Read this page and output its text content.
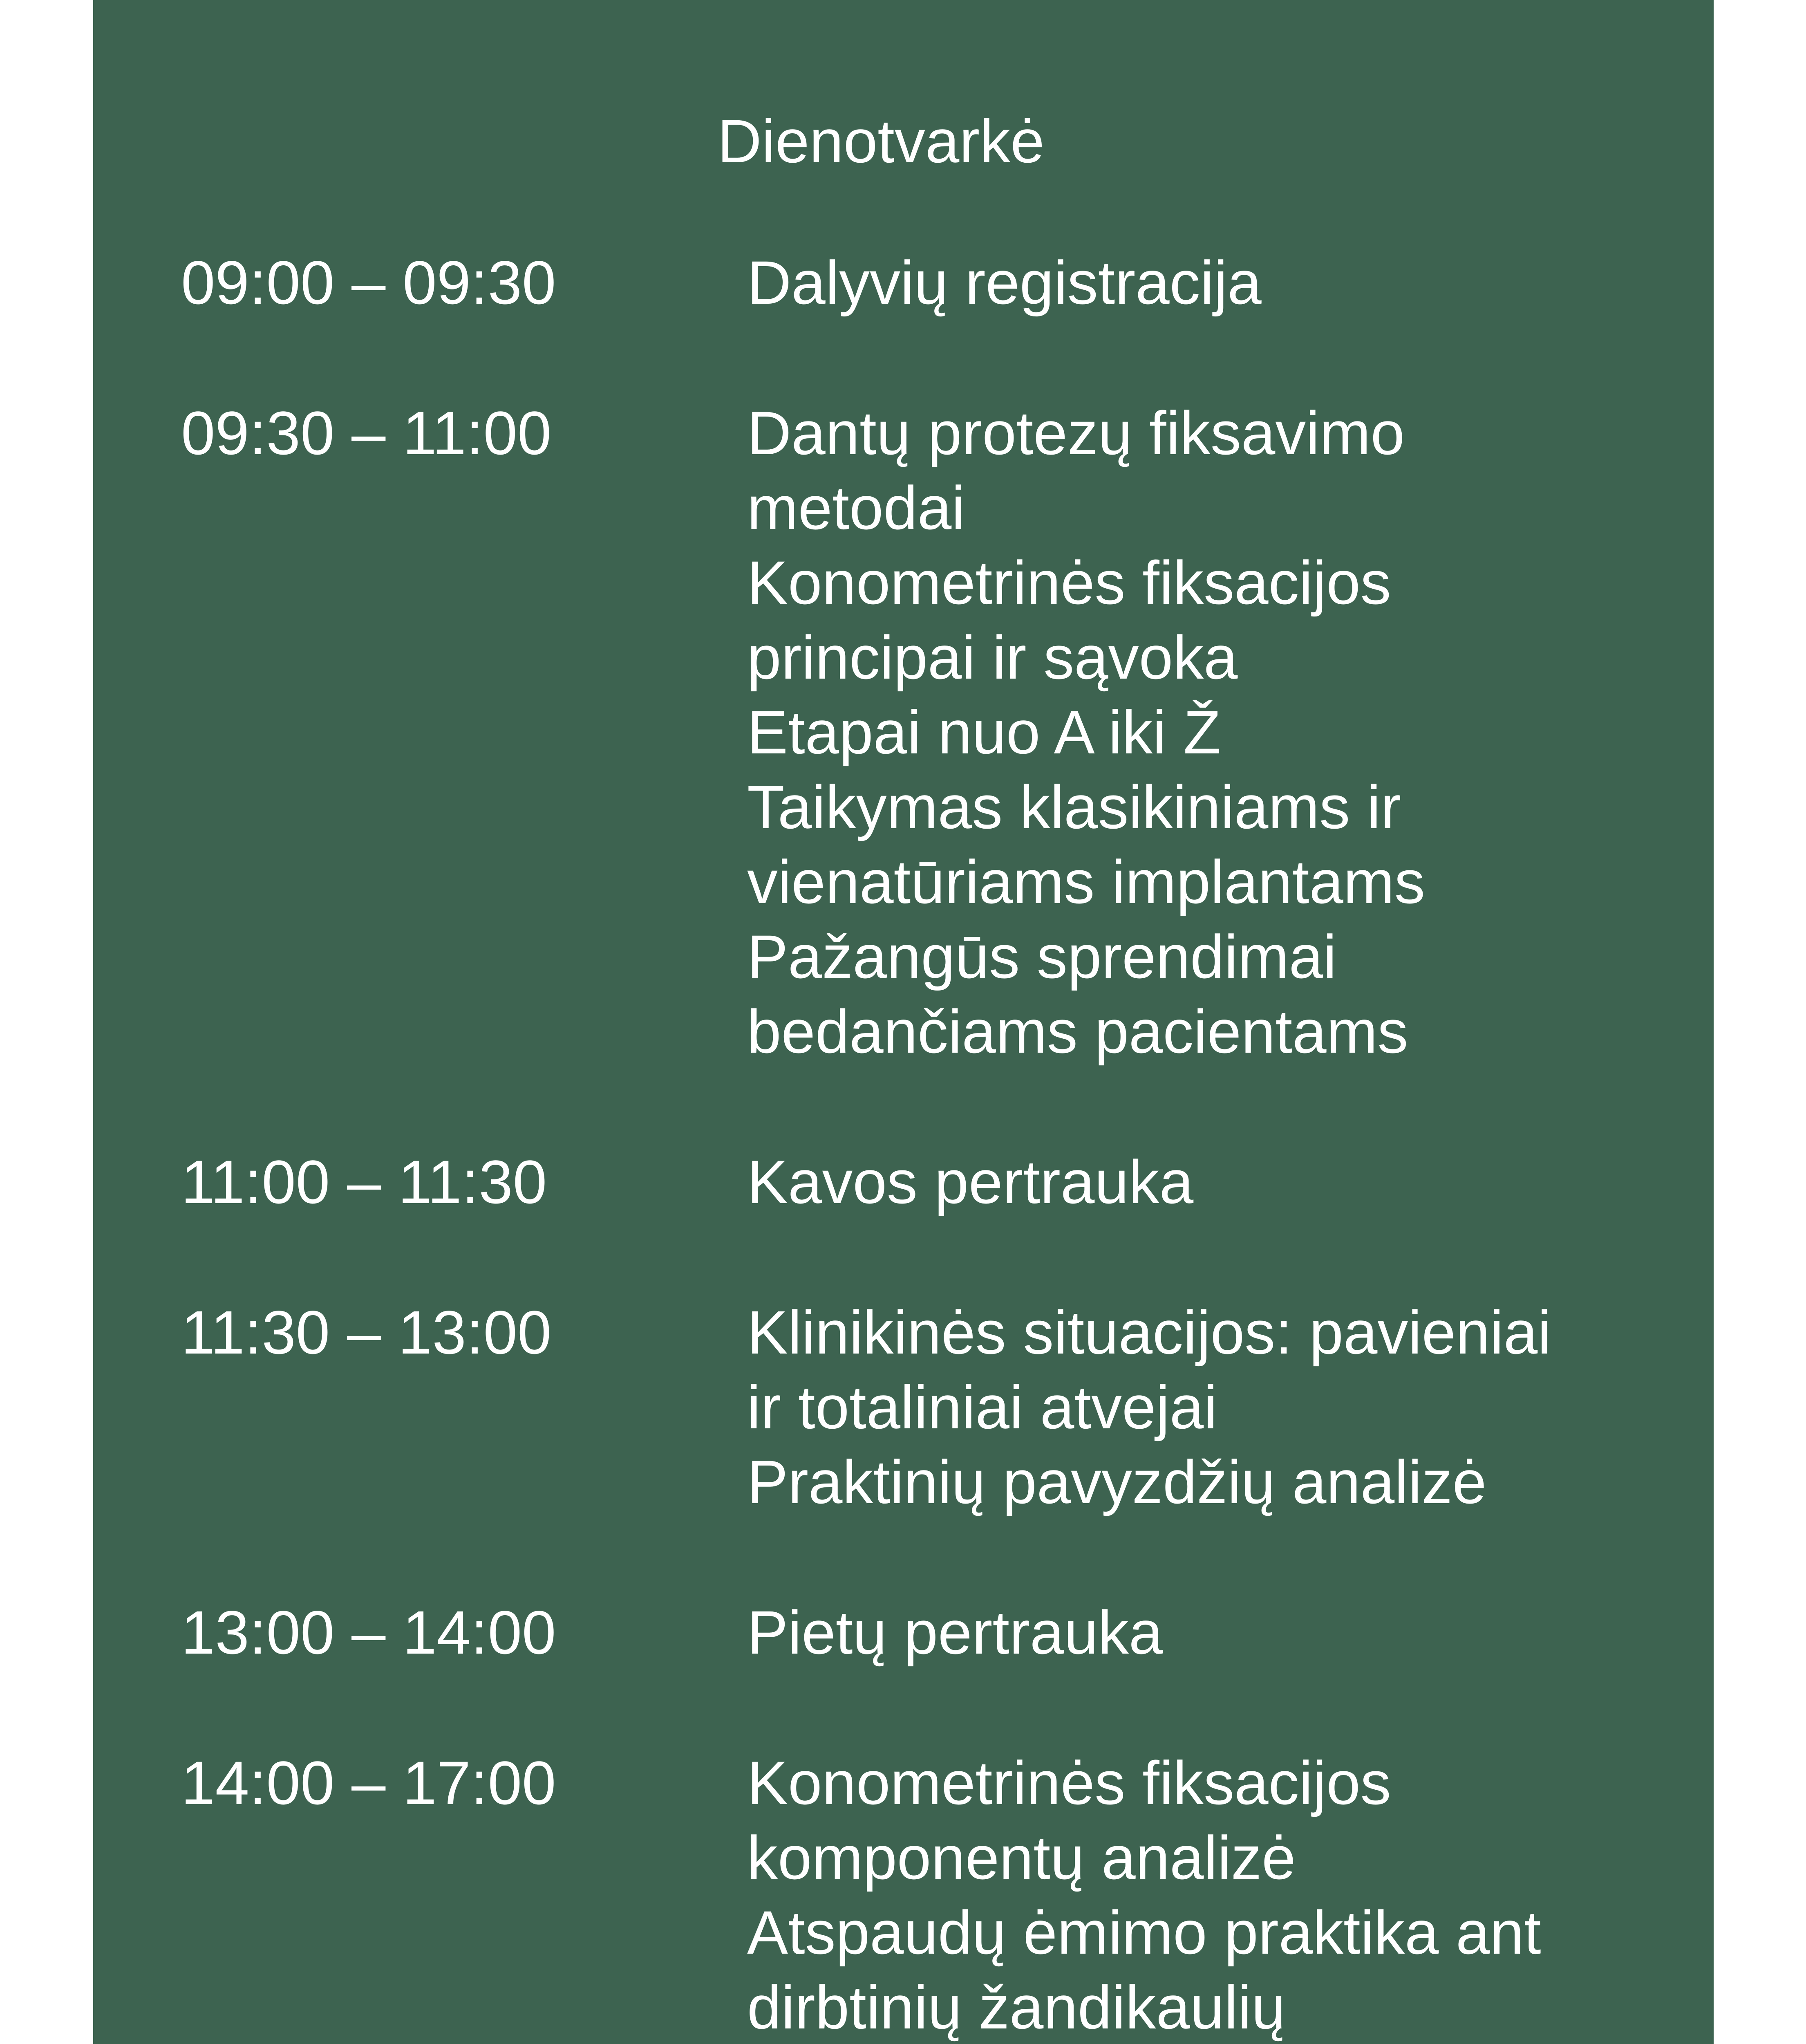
Dienotvarkė
09:00 – 09:30	Dalyvių registracija
09:30 – 11:00	Dantų protezų fiksavimo
metodai
Konometrinės fiksacijos
principai ir sąvoka
Etapai nuo A iki Ž
Taikymas klasikiniams ir
vienatūriams implantams
Pažangūs sprendimai
bedančiams pacientams
11:00 – 11:30	Kavos pertrauka
11:30 – 13:00	Klinikinės situacijos: pavieniai
ir totaliniai atvejai
Praktinių pavyzdžių analizė
13:00 – 14:00	Pietų pertrauka
14:00 – 17:00	Konometrinės fiksacijos
komponentų analizė
Atspaudų ėmimo praktika ant
dirbtinių žandikaulių
